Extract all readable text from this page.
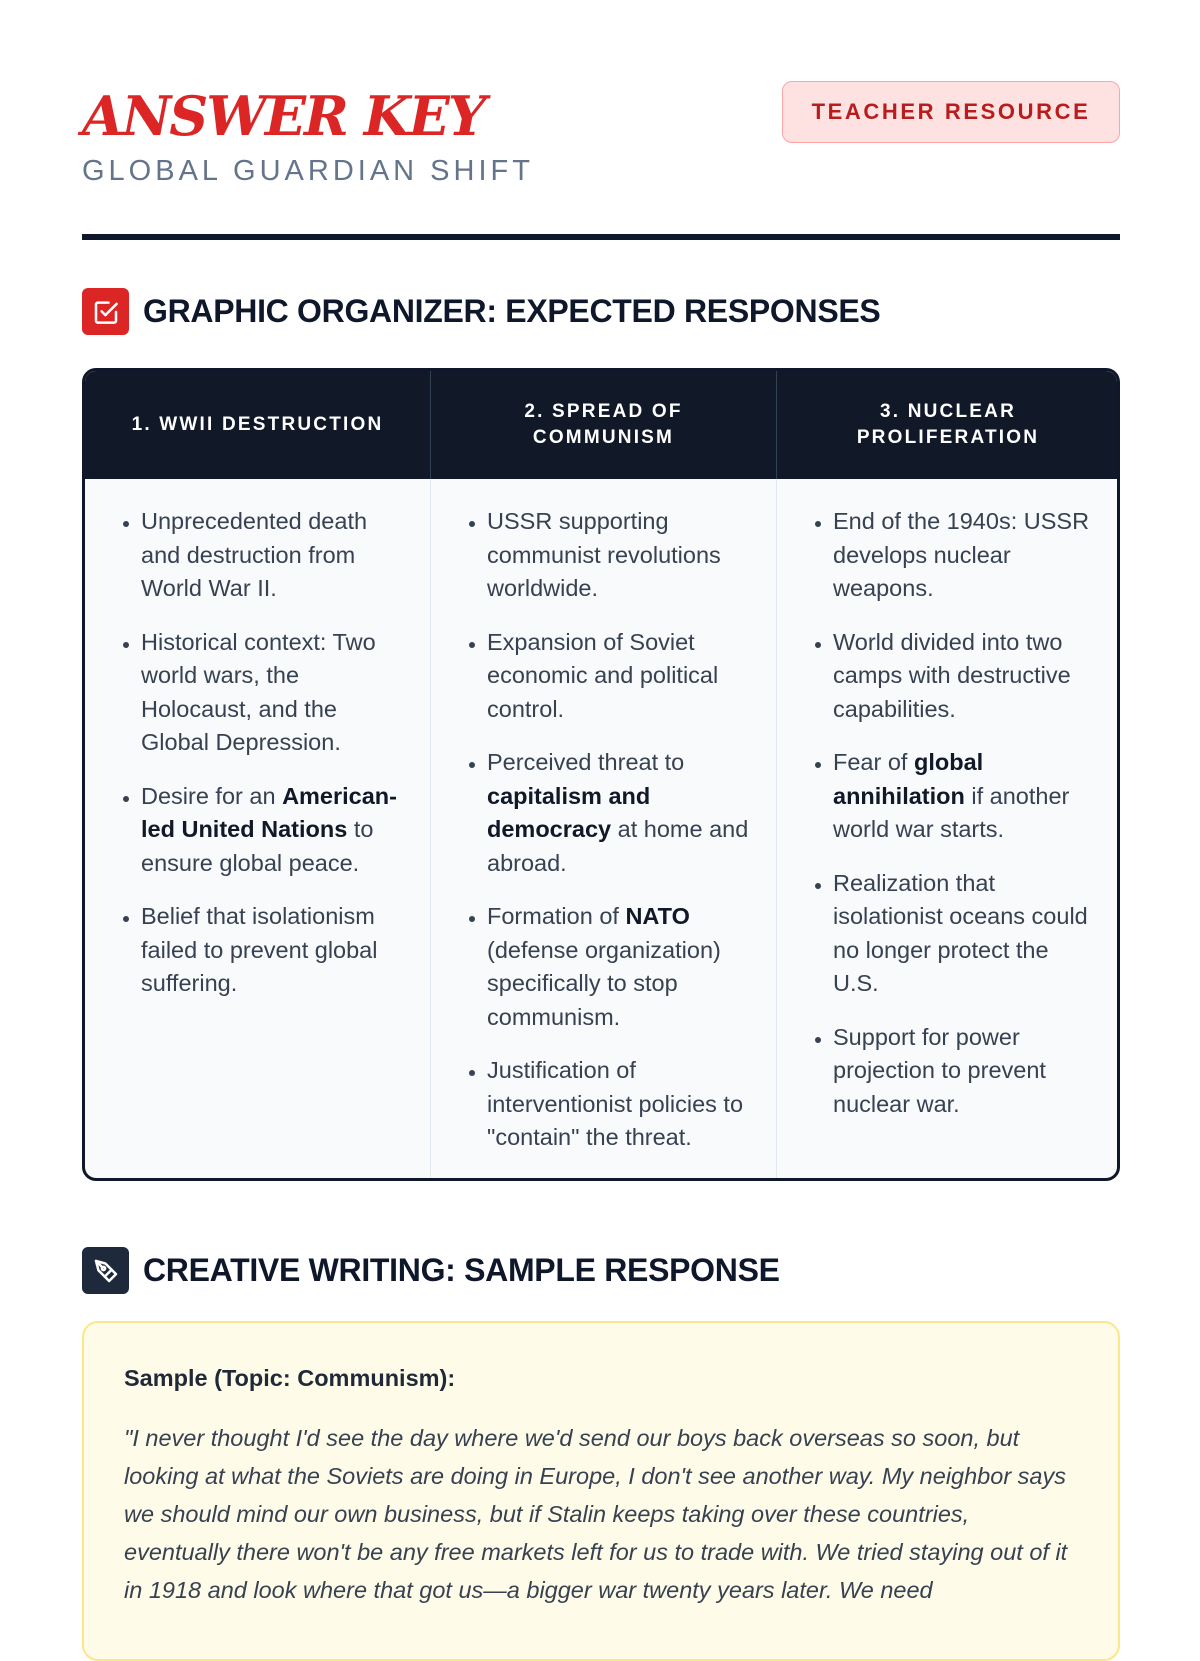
ANSWER KEY
GLOBAL GUARDIAN SHIFT
TEACHER RESOURCE
GRAPHIC ORGANIZER: EXPECTED RESPONSES
1. WWII DESTRUCTION
• Unprecedented death and destruction from World War II.
• Historical context: Two world wars, the Holocaust, and the Global Depression.
• Desire for an American-led United Nations to ensure global peace.
• Belief that isolationism failed to prevent global suffering.
2. SPREAD OF COMMUNISM
• USSR supporting communist revolutions worldwide.
• Expansion of Soviet economic and political control.
• Perceived threat to capitalism and democracy at home and abroad.
• Formation of NATO (defense organization) specifically to stop communism.
• Justification of interventionist policies to "contain" the threat.
3. NUCLEAR PROLIFERATION
• End of the 1940s: USSR develops nuclear weapons.
• World divided into two camps with destructive capabilities.
• Fear of global annihilation if another world war starts.
• Realization that isolationist oceans could no longer protect the U.S.
• Support for power projection to prevent nuclear war.
CREATIVE WRITING: SAMPLE RESPONSE

Sample (Topic: Communism):

"I never thought I'd see the day where we'd send our boys back overseas so soon, but looking at what the Soviets are doing in Europe, I don't see another way. My neighbor says we should mind our own business, but if Stalin keeps taking over these countries, eventually there won't be any free markets left for us to trade with. We tried staying out of it in 1918 and look where that got us—a bigger war twenty years later. We need
